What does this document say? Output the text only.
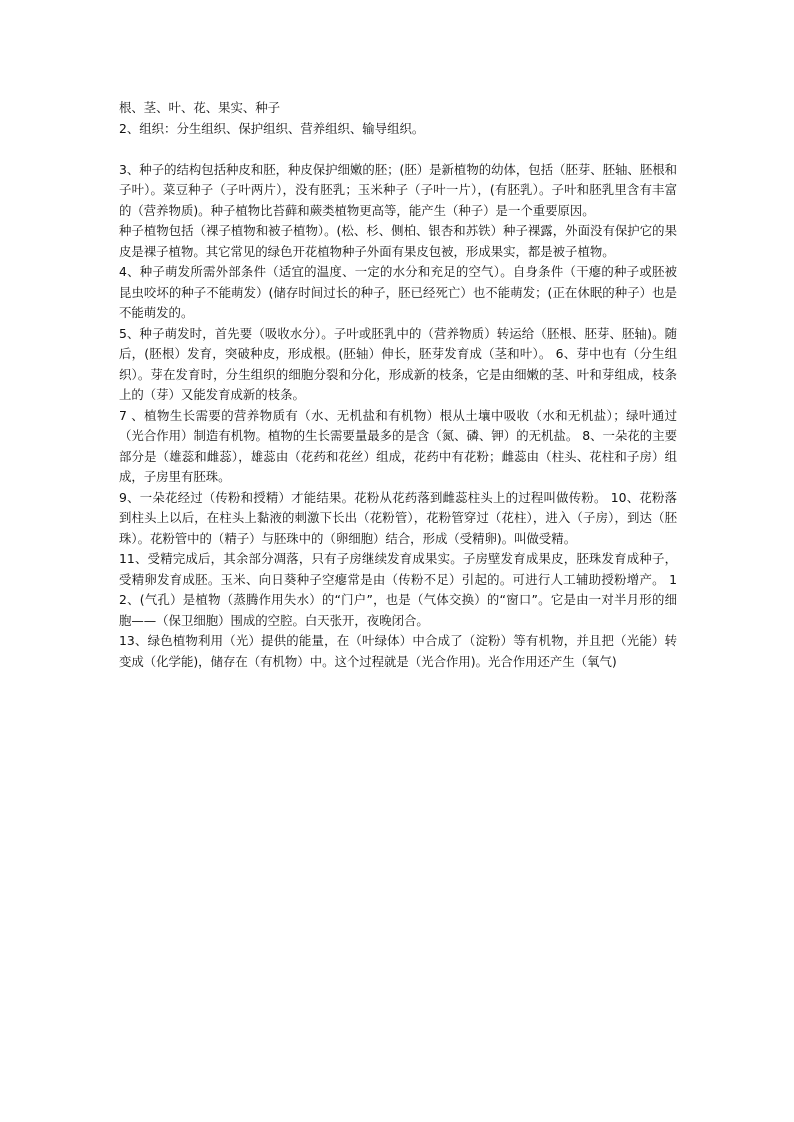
根、茎、叶、花、果实、种子

2、组织：分生组织、保护组织、营养组织、输导组织。

3、种子的结构包括种皮和胚，种皮保护细嫩的胚；(胚）是新植物的幼体，包括（胚芽、胚轴、胚根和子叶）。菜豆种子（子叶两片），没有胚乳；玉米种子（子叶一片），(有胚乳）。子叶和胚乳里含有丰富的（营养物质)。种子植物比苔藓和蕨类植物更高等，能产生（种子）是一个重要原因。

种子植物包括（裸子植物和被子植物）。(松、杉、侧柏、银杏和苏铁）种子裸露，外面没有保护它的果皮是裸子植物。其它常见的绿色开花植物种子外面有果皮包被，形成果实，都是被子植物。

4、种子萌发所需外部条件（适宜的温度、一定的水分和充足的空气）。自身条件（干瘪的种子或胚被昆虫咬坏的种子不能萌发）(储存时间过长的种子，胚已经死亡）也不能萌发；(正在休眠的种子）也是不能萌发的。

5、种子萌发时，首先要（吸收水分）。子叶或胚乳中的（营养物质）转运给（胚根、胚芽、胚轴)。随后，(胚根）发育，突破种皮，形成根。(胚轴）伸长，胚芽发育成（茎和叶）。 6、芽中也有（分生组织）。芽在发育时，分生组织的细胞分裂和分化，形成新的枝条，它是由细嫩的茎、叶和芽组成，枝条上的（芽）又能发育成新的枝条。

7 、植物生长需要的营养物质有（水、无机盐和有机物）根从土壤中吸收（水和无机盐）；绿叶通过（光合作用）制造有机物。植物的生长需要量最多的是含（氮、磷、钾）的无机盐。 8、一朵花的主要部分是（雄蕊和雌蕊），雄蕊由（花药和花丝）组成，花药中有花粉；雌蕊由（柱头、花柱和子房）组成，子房里有胚珠。

9、一朵花经过（传粉和授精）才能结果。花粉从花药落到雌蕊柱头上的过程叫做传粉。 10、花粉落到柱头上以后，在柱头上黏液的刺激下长出（花粉管），花粉管穿过（花柱），进入（子房），到达（胚珠）。花粉管中的（精子）与胚珠中的（卵细胞）结合，形成（受精卵)。叫做受精。

11、受精完成后，其余部分凋落，只有子房继续发育成果实。子房壁发育成果皮，胚珠发育成种子，受精卵发育成胚。玉米、向日葵种子空瘪常是由（传粉不足）引起的。可进行人工辅助授粉增产。 12、(气孔）是植物（蒸腾作用失水）的“门户”，也是（气体交换）的“窗口”。它是由一对半月形的细胞——（保卫细胞）围成的空腔。白天张开，夜晚闭合。

13、绿色植物利用（光）提供的能量，在（叶绿体）中合成了（淀粉）等有机物，并且把（光能）转变成（化学能)，储存在（有机物）中。这个过程就是（光合作用)。光合作用还产生（氧气)
